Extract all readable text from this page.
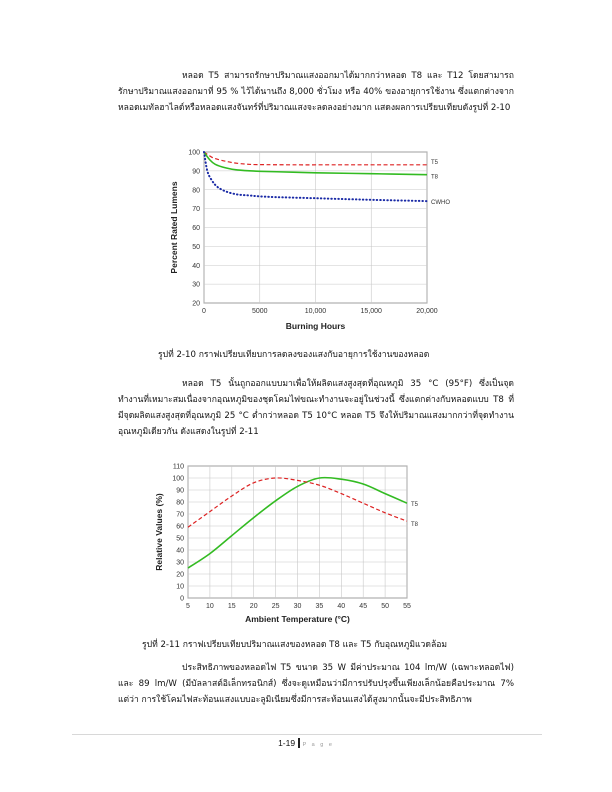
หลอด T5 สามารถรักษาปริมาณแสงออกมาได้มากกว่าหลอด T8 และ T12 โดยสามารถรักษาปริมาณแสงออกมาที่ 95 % ไว้ได้นานถึง 8,000 ชั่วโมง หรือ 40% ของอายุการใช้งาน ซึ่งแตกต่างจากหลอดเมทัลฮาไลด์หรือหลอดแสงจันทร์ที่ปริมาณแสงจะลดลงอย่างมาก แสดงผลการเปรียบเทียบดังรูปที่ 2-10

20
30
40
50
60
70
80
90
100
0	5000	10,000	15,000	20,000
Burning Hours
Percent Rated Lumens
T5
T8
CWHO
0
10
20
30
40
50
60
70
80
90
100
110
5 10 15 20 25 30 35 40 45 50 55
Ambient Temperature (°C)
Relative Values (%)	T5
T8

รูปที่ 2-10 กราฟเปรียบเทียบการลดลงของแสงกับอายุการใช้งานของหลอด

หลอด T5 นั้นถูกออกแบบมาเพื่อให้ผลิตแสงสูงสุดที่อุณหภูมิ 35 °C (95°F) ซึ่งเป็นจุดทำงานที่เหมาะสมเนื่องจากอุณหภูมิของชุดโคมไฟขณะทำงานจะอยู่ในช่วงนี้ ซึ่งแตกต่างกับหลอดแบบ T8 ที่มีจุดผลิตแสงสูงสุดที่อุณหภูมิ 25 °C ต่ำกว่าหลอด T5 10°C หลอด T5 จึงให้ปริมาณแสงมากกว่าที่จุดทำงานอุณหภูมิเดียวกัน ดังแสดงในรูปที่ 2-11

รูปที่ 2-11 กราฟเปรียบเทียบปริมาณแสงของหลอด T8 และ T5 กับอุณหภูมิแวดล้อม

ประสิทธิภาพของหลอดไฟ T5 ขนาด 35 W มีค่าประมาณ 104 lm/W (เฉพาะหลอดไฟ) และ 89 lm/W (มีบัลลาสต์อิเล็กทรอนิกส์) ซึ่งจะดูเหมือนว่ามีการปรับปรุงขึ้นเพียงเล็กน้อยคือประมาณ 7% แต่ว่า การใช้โคมไฟสะท้อนแสงแบบอะลูมิเนียมซึ่งมีการสะท้อนแสงได้สูงมากนั้นจะมีประสิทธิภาพ

1-19 P a g e
